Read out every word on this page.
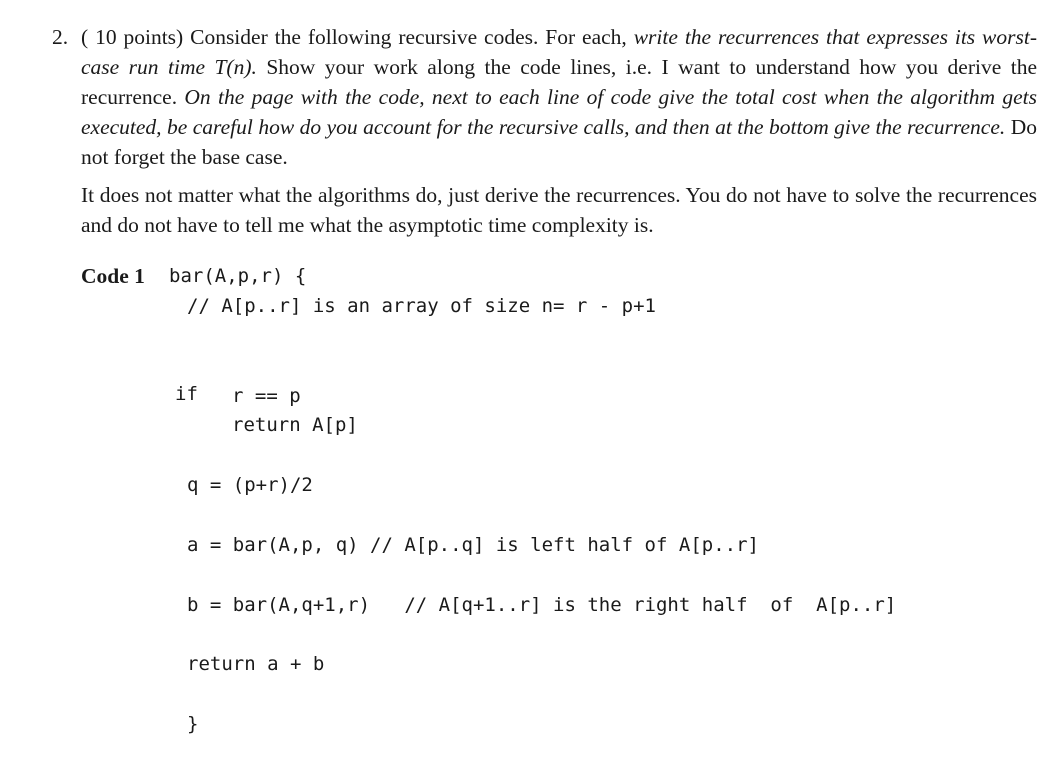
2. ( 10 points) Consider the following recursive codes. For each, write the recurrences that expresses its worst-case run time T(n). Show your work along the code lines, i.e. I want to understand how you derive the recurrence. On the page with the code, next to each line of code give the total cost when the algorithm gets executed, be careful how do you account for the recursive calls, and then at the bottom give the recurrence. Do not forget the base case.
It does not matter what the algorithms do, just derive the recurrences. You do not have to solve the recurrences and do not have to tell me what the asymptotic time complexity is.
Code 1 bar(A,p,r) {
// A[p..r] is an array of size n= r - p+1
if r == p
return A[p]
q = (p+r)/2
a = bar(A,p, q) // A[p..q] is left half of A[p..r]
b = bar(A,q+1,r)   // A[q+1..r] is the right half  of  A[p..r]
return a + b
}
